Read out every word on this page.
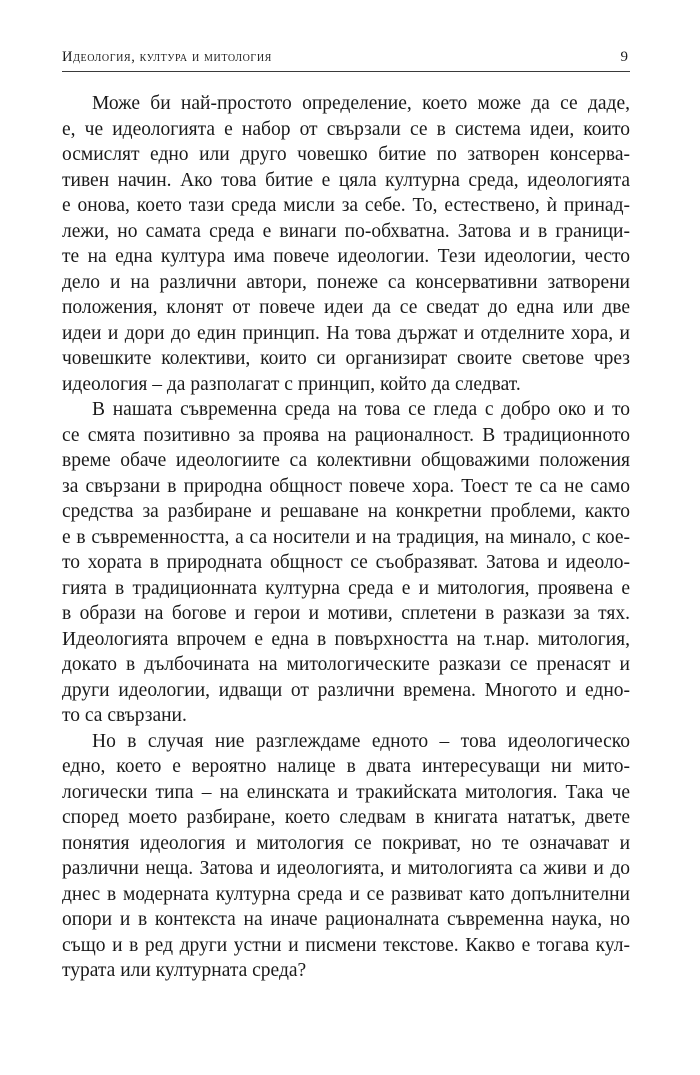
Идеология, култура и митология	9
Може би най-простото определение, което може да се даде,
е, че идеологията е набор от свързали се в система идеи, които
осмислят едно или друго човешко битие по затворен консерва-
тивен начин. Ако това битие е цяла културна среда, идеологията
е онова, което тази среда мисли за себе. То, естествено, ѝ принад-
лежи, но самата среда е винаги по-обхватна. Затова и в граници-
те на една култура има повече идеологии. Тези идеологии, често
дело и на различни автори, понеже са консервативни затворени
положения, клонят от повече идеи да се сведат до една или две
идеи и дори до един принцип. На това държат и отделните хора, и
човешките колективи, които си организират своите светове чрез
идеология – да разполагат с принцип, който да следват.
В нашата съвременна среда на това се гледа с добро око и то
се смята позитивно за проява на рационалност. В традиционното
време обаче идеологиите са колективни общоважими положения
за свързани в природна общност повече хора. Тоест те са не само
средства за разбиране и решаване на конкретни проблеми, както
е в съвременността, а са носители и на традиция, на минало, с кое-
то хората в природната общност се съобразяват. Затова и идеоло-
гията в традиционната културна среда е и митология, проявена е
в образи на богове и герои и мотиви, сплетени в разкази за тях.
Идеологията впрочем е една в повърхността на т.нар. митология,
докато в дълбочината на митологическите разкази се пренасят и
други идеологии, идващи от различни времена. Многото и едно-
то са свързани.
Но в случая ние разглеждаме едното – това идеологическо
едно, което е вероятно налице в двата интересуващи ни мито-
логически типа – на елинската и тракийската митология. Така че
според моето разбиране, което следвам в книгата нататък, двете
понятия идеология и митология се покриват, но те означават и
различни неща. Затова и идеологията, и митологията са живи и до
днес в модерната културна среда и се развиват като допълнителни
опори и в контекста на иначе рационалната съвременна наука, но
също и в ред други устни и писмени текстове. Какво е тогава кул-
турата или културната среда?
